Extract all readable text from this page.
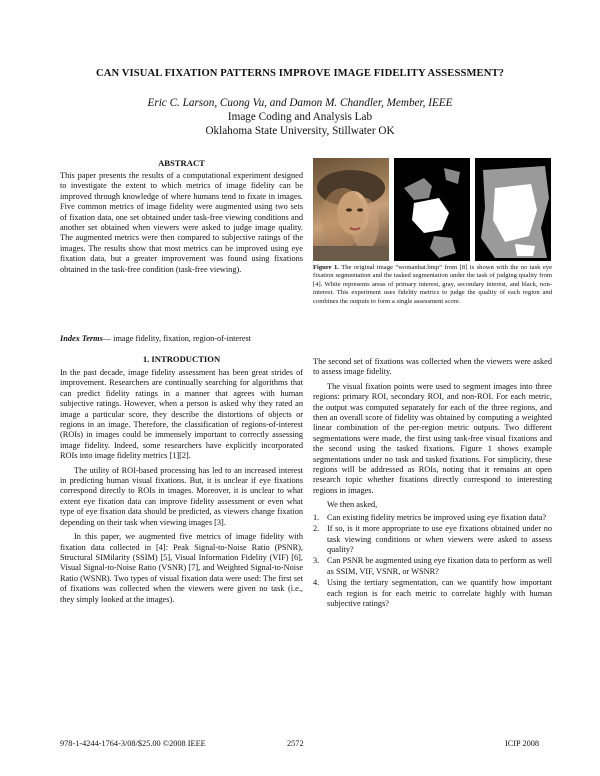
CAN VISUAL FIXATION PATTERNS IMPROVE IMAGE FIDELITY ASSESSMENT?
Eric C. Larson, Cuong Vu, and Damon M. Chandler, Member, IEEE
Image Coding and Analysis Lab
Oklahoma State University, Stillwater OK
ABSTRACT
This paper presents the results of a computational experiment designed to investigate the extent to which metrics of image fidelity can be improved through knowledge of where humans tend to fixate in images. Five common metrics of image fidelity were augmented using two sets of fixation data, one set obtained under task-free viewing conditions and another set obtained when viewers were asked to judge image quality. The augmented metrics were then compared to subjective ratings of the images. The results show that most metrics can be improved using eye fixation data, but a greater improvement was found using fixations obtained in the task-free condition (task-free viewing).
Index Terms— image fidelity, fixation, region-of-interest
1. INTRODUCTION

In the past decade, image fidelity assessment has been great strides of improvement. Researchers are continually searching for algorithms that can predict fidelity ratings in a manner that agrees with human subjective ratings. However, when a person is asked why they rated an image a particular score, they describe the distortions of objects or regions in an image. Therefore, the classification of regions-of-interest (ROIs) in images could be immensely important to correctly assessing image fidelity. Indeed, some researchers have explicitly incorporated ROIs into image fidelity metrics [1][2].

The utility of ROI-based processing has led to an increased interest in predicting human visual fixations. But, it is unclear if eye fixations correspond directly to ROIs in images. Moreover, it is unclear to what extent eye fixation data can improve fidelity assessment or even what type of eye fixation data should be predicted, as viewers change fixation depending on their task when viewing images [3].

In this paper, we augmented five metrics of image fidelity with fixation data collected in [4]: Peak Signal-to-Noise Ratio (PSNR), Structural SIMilarity (SSIM) [5], Visual Information Fidelity (VIF) [6], Visual Signal-to-Noise Ratio (VSNR) [7], and Weighted Signal-to-Noise Ratio (WSNR). Two types of visual fixation data were used: The first set of fixations was collected when the viewers were given no task (i.e., they simply looked at the images).

Figure 1. The original image “womanhat.bmp” from [8] is shown with the no task eye fixation segmentation and the tasked segmentation under the task of judging quality from [4]. White represents areas of primary interest, gray, secondary interest, and black, non-interest. This experiment uses fidelity metrics to judge the quality of each region and combines the outputs to form a single assessment score.

The second set of fixations was collected when the viewers were asked to assess image fidelity.

The visual fixation points were used to segment images into three regions: primary ROI, secondary ROI, and non-ROI. For each metric, the output was computed separately for each of the three regions, and then an overall score of fidelity was obtained by computing a weighted linear combination of the per-region metric outputs. Two different segmentations were made, the first using task-free visual fixations and the second using the tasked fixations. Figure 1 shows example segmentations under no task and tasked fixations. For simplicity, these regions will be addressed as ROIs, noting that it remains an open research topic whether fixations directly correspond to interesting regions in images.

We then asked,

1. Can existing fidelity metrics be improved using eye fixation data?
2. If so, is it more appropriate to use eye fixations obtained under no task viewing conditions or when viewers were asked to assess quality?
3. Can PSNR be augmented using eye fixation data to perform as well as SSIM, VIF, VSNR, or WSNR?
4. Using the tertiary segmentation, can we quantify how important each region is for each metric to correlate highly with human subjective ratings?
978-1-4244-1764-3/08/$25.00 ©2008 IEEE	2572	ICIP 2008
